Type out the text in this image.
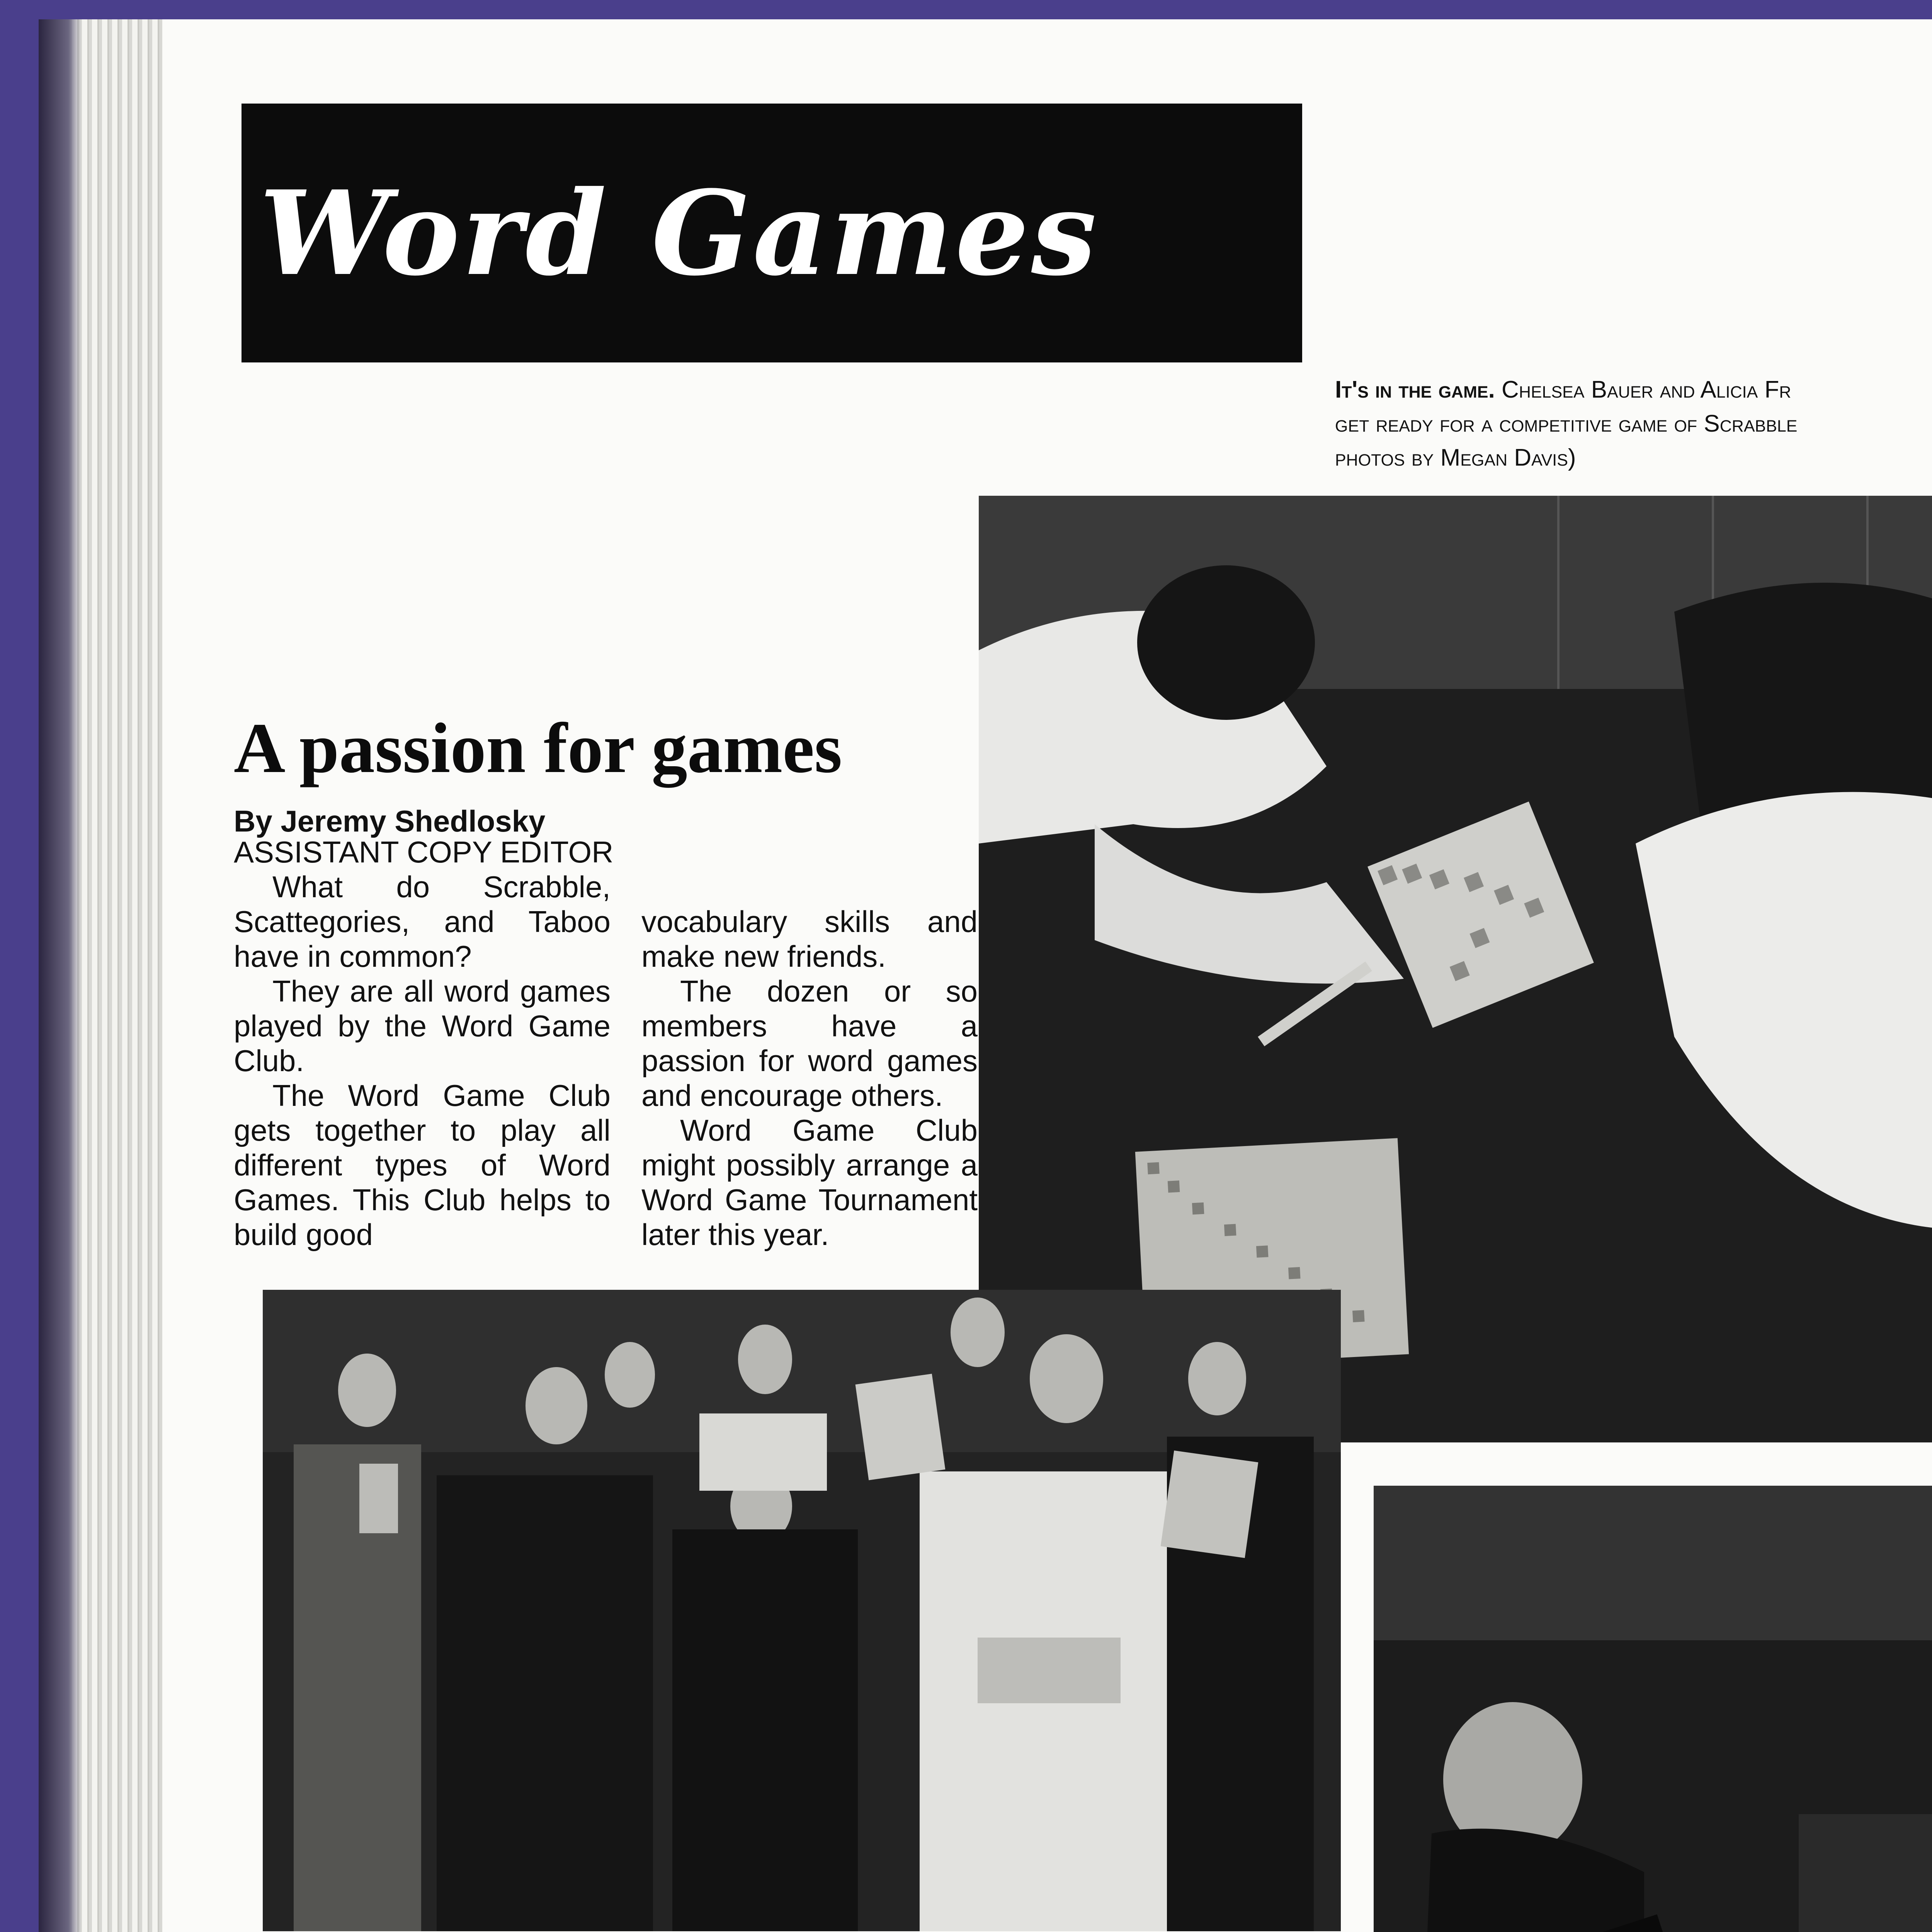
Word Games
It's in the game. Chelsea Bauer and Alicia Fr
get ready for a competitive game of Scrabble
photos by Megan Davis)
A passion for games
By Jeremy Shedlosky
ASSISTANT COPY EDITOR

What do Scrabble, Scattegories, and Taboo have in common?

They are all word games played by the Word Game Club.

The Word Game Club gets together to play all different types of Word Games. This Club helps to build good

vocabulary skills and make new friends.

The dozen or so members have a passion for word games and encourage others.

Word Game Club might possibly arrange a Word Game Tournament later this year.
